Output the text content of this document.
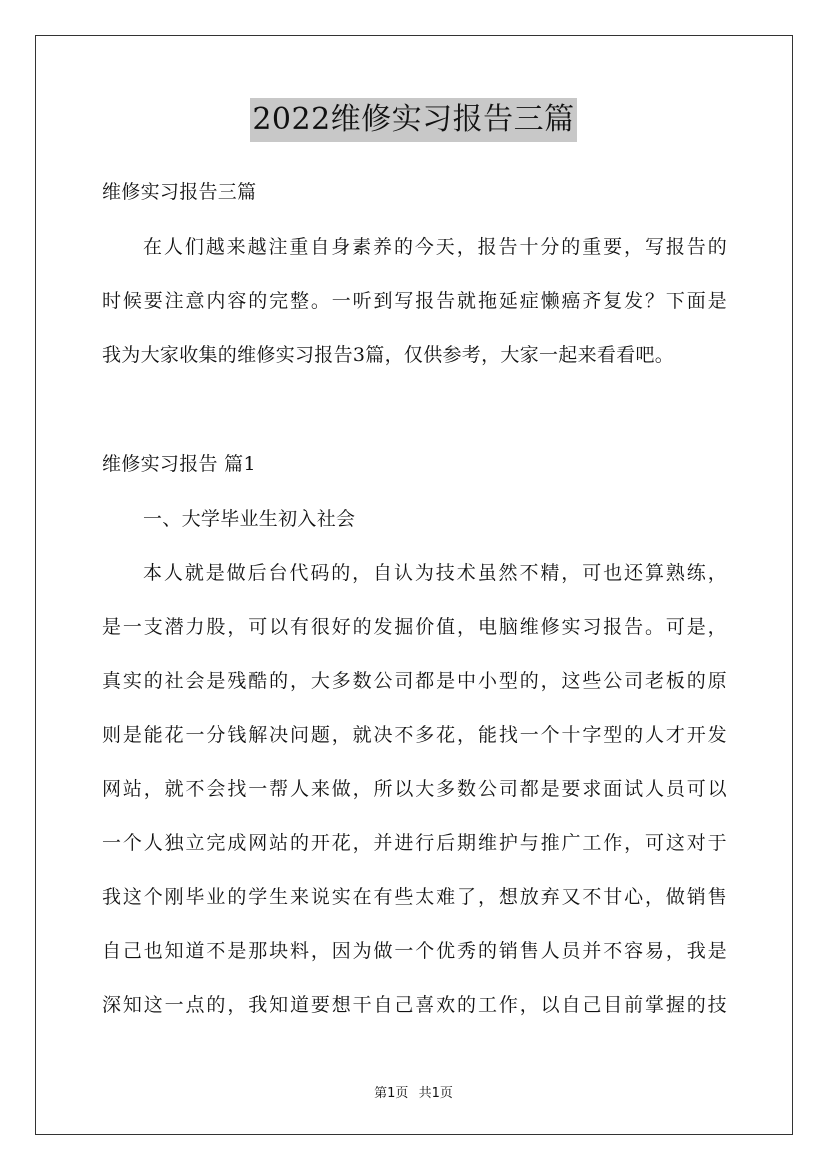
2022维修实习报告三篇
维修实习报告三篇
在人们越来越注重自身素养的今天，报告十分的重要，写报告的
时候要注意内容的完整。一听到写报告就拖延症懒癌齐复发？下面是
我为大家收集的维修实习报告3篇，仅供参考，大家一起来看看吧。
维修实习报告 篇1
一、大学毕业生初入社会
本人就是做后台代码的，自认为技术虽然不精，可也还算熟练，
是一支潜力股，可以有很好的发掘价值，电脑维修实习报告。可是，
真实的社会是残酷的，大多数公司都是中小型的，这些公司老板的原
则是能花一分钱解决问题，就决不多花，能找一个十字型的人才开发
网站，就不会找一帮人来做，所以大多数公司都是要求面试人员可以
一个人独立完成网站的开花，并进行后期维护与推广工作，可这对于
我这个刚毕业的学生来说实在有些太难了，想放弃又不甘心，做销售
自己也知道不是那块料，因为做一个优秀的销售人员并不容易，我是
深知这一点的，我知道要想干自己喜欢的工作，以自己目前掌握的技
第1页 共1页
